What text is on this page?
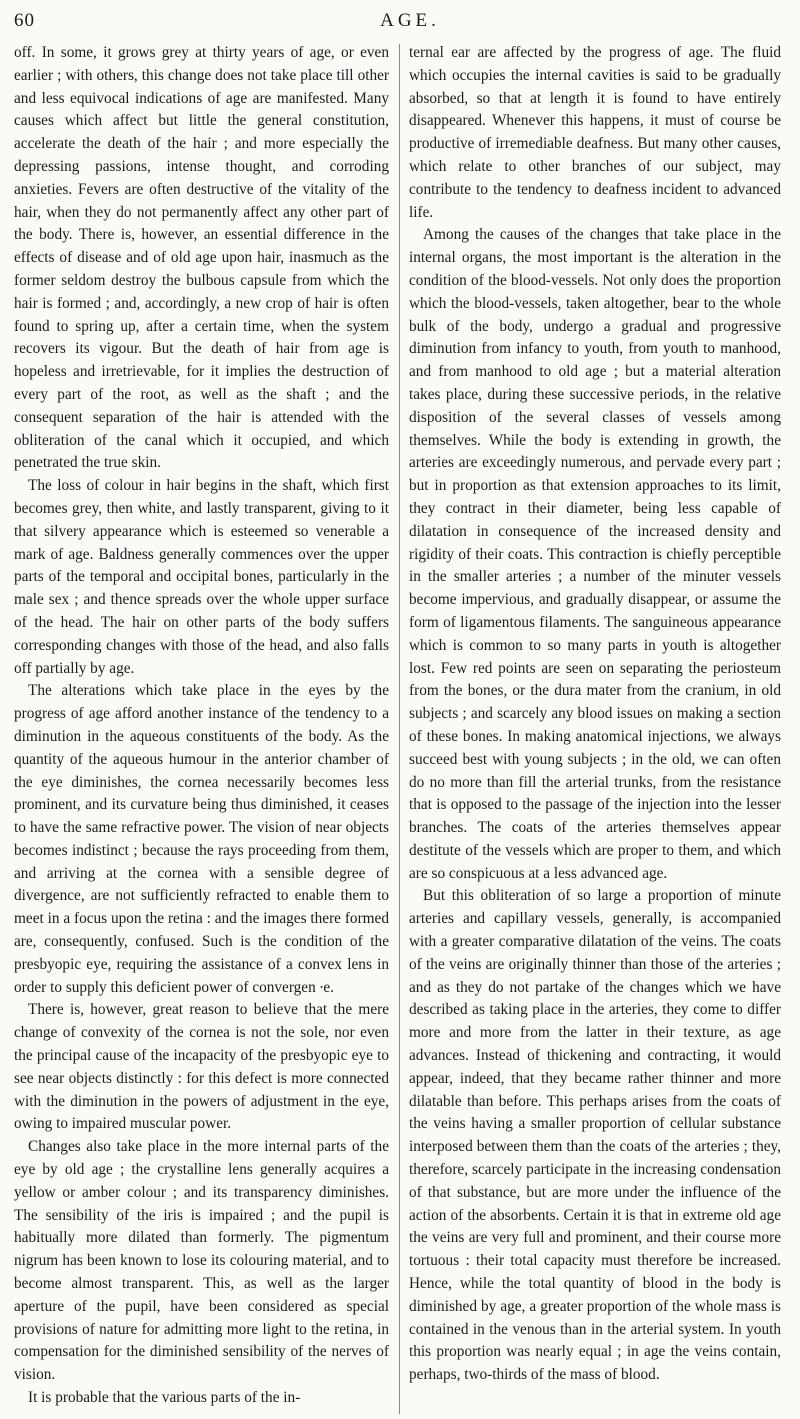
60	AGE.

off. In some, it grows grey at thirty years of age, or even earlier ; with others, this change does not take place till other and less equivocal indications of age are manifested. Many causes which affect but little the general constitution, accelerate the death of the hair ; and more especially the depressing passions, intense thought, and corroding anxieties. Fevers are often destructive of the vitality of the hair, when they do not permanently affect any other part of the body. There is, however, an essential difference in the effects of disease and of old age upon hair, inasmuch as the former seldom destroy the bulbous capsule from which the hair is formed ; and, accordingly, a new crop of hair is often found to spring up, after a certain time, when the system recovers its vigour. But the death of hair from age is hopeless and irretrievable, for it implies the destruction of every part of the root, as well as the shaft ; and the consequent separation of the hair is attended with the obliteration of the canal which it occupied, and which penetrated the true skin.

The loss of colour in hair begins in the shaft, which first becomes grey, then white, and lastly transparent, giving to it that silvery appearance which is esteemed so venerable a mark of age. Baldness generally commences over the upper parts of the temporal and occipital bones, particularly in the male sex ; and thence spreads over the whole upper surface of the head. The hair on other parts of the body suffers corresponding changes with those of the head, and also falls off partially by age.

The alterations which take place in the eyes by the progress of age afford another instance of the tendency to a diminution in the aqueous constituents of the body. As the quantity of the aqueous humour in the anterior chamber of the eye diminishes, the cornea necessarily becomes less prominent, and its curvature being thus diminished, it ceases to have the same refractive power. The vision of near objects becomes indistinct ; because the rays proceeding from them, and arriving at the cornea with a sensible degree of divergence, are not sufficiently refracted to enable them to meet in a focus upon the retina : and the images there formed are, consequently, confused. Such is the condition of the presbyopic eye, requiring the assistance of a convex lens in order to supply this deficient power of convergen ∙e.

There is, however, great reason to believe that the mere change of convexity of the cornea is not the sole, nor even the principal cause of the incapacity of the presbyopic eye to see near objects distinctly : for this defect is more connected with the diminution in the powers of adjustment in the eye, owing to impaired muscular power.

Changes also take place in the more internal parts of the eye by old age ; the crystalline lens generally acquires a yellow or amber colour ; and its transparency diminishes. The sensibility of the iris is impaired ; and the pupil is habitually more dilated than formerly. The pigmentum nigrum has been known to lose its colouring material, and to become almost transparent. This, as well as the larger aperture of the pupil, have been considered as special provisions of nature for admitting more light to the retina, in compensation for the diminished sensibility of the nerves of vision.

It is probable that the various parts of the in-

ternal ear are affected by the progress of age. The fluid which occupies the internal cavities is said to be gradually absorbed, so that at length it is found to have entirely disappeared. Whenever this happens, it must of course be productive of irremediable deafness. But many other causes, which relate to other branches of our subject, may contribute to the tendency to deafness incident to advanced life.

Among the causes of the changes that take place in the internal organs, the most important is the alteration in the condition of the blood-vessels. Not only does the proportion which the blood-vessels, taken altogether, bear to the whole bulk of the body, undergo a gradual and progressive diminution from infancy to youth, from youth to manhood, and from manhood to old age ; but a material alteration takes place, during these successive periods, in the relative disposition of the several classes of vessels among themselves. While the body is extending in growth, the arteries are exceedingly numerous, and pervade every part ; but in proportion as that extension approaches to its limit, they contract in their diameter, being less capable of dilatation in consequence of the increased density and rigidity of their coats. This contraction is chiefly perceptible in the smaller arteries ; a number of the minuter vessels become impervious, and gradually disappear, or assume the form of ligamentous filaments. The sanguineous appearance which is common to so many parts in youth is altogether lost. Few red points are seen on separating the periosteum from the bones, or the dura mater from the cranium, in old subjects ; and scarcely any blood issues on making a section of these bones. In making anatomical injections, we always succeed best with young subjects ; in the old, we can often do no more than fill the arterial trunks, from the resistance that is opposed to the passage of the injection into the lesser branches. The coats of the arteries themselves appear destitute of the vessels which are proper to them, and which are so conspicuous at a less advanced age.

But this obliteration of so large a proportion of minute arteries and capillary vessels, generally, is accompanied with a greater comparative dilatation of the veins. The coats of the veins are originally thinner than those of the arteries ; and as they do not partake of the changes which we have described as taking place in the arteries, they come to differ more and more from the latter in their texture, as age advances. Instead of thickening and contracting, it would appear, indeed, that they became rather thinner and more dilatable than before. This perhaps arises from the coats of the veins having a smaller proportion of cellular substance interposed between them than the coats of the arteries ; they, therefore, scarcely participate in the increasing condensation of that substance, but are more under the influence of the action of the absorbents. Certain it is that in extreme old age the veins are very full and prominent, and their course more tortuous : their total capacity must therefore be increased. Hence, while the total quantity of blood in the body is diminished by age, a greater proportion of the whole mass is contained in the venous than in the arterial system. In youth this proportion was nearly equal ; in age the veins contain, perhaps, two-thirds of the mass of blood.
